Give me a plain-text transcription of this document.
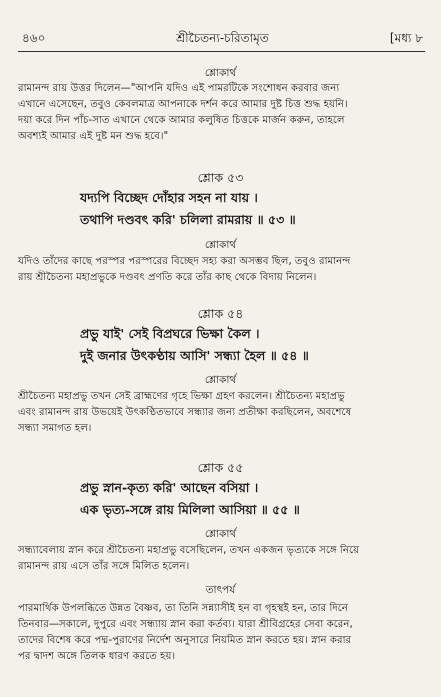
৪৬০	শ্রীচৈতন্য-চরিতামৃত	[মধ্য ৮
শ্লোকার্থ
রামানন্দ রায় উত্তর দিলেন—"আপনি যদিও এই পামরটিকে সংশোধন করবার জন্য
এখানে এসেছেন, তবুও কেবলমাত্র আপনাকে দর্শন করে আমার দুষ্ট চিত্ত শুদ্ধ হয়নি।
দয়া করে দিন পাঁচ-সাত এখানে থেকে আমার কলুষিত চিত্তকে মার্জন করুন, তাহলে
অবশ্যই আমার এই দুষ্ট মন শুদ্ধ হবে।"
শ্লোক ৫৩
যদ্যপি বিচ্ছেদ দোঁহার সহন না যায় ।
তথাপি দণ্ডবৎ করি' চলিলা রামরায় ॥ ৫৩ ॥
শ্লোকার্থ
যদিও তাঁদের কাছে পরস্পর পরস্পরের বিচ্ছেদ সহ্য করা অসম্ভব ছিল, তবুও রামানন্দ
রায় শ্রীচৈতন্য মহাপ্রভুকে দণ্ডবৎ প্রণতি করে তাঁর কাছ থেকে বিদায় নিলেন।
শ্লোক ৫৪
প্রভু যাই' সেই বিপ্রঘরে ভিক্ষা কৈল ।
দুই জনার উৎকণ্ঠায় আসি' সন্ধ্যা হৈল ॥ ৫৪ ॥
শ্লোকার্থ
শ্রীচৈতন্য মহাপ্রভু তখন সেই ব্রাহ্মণের গৃহে ভিক্ষা গ্রহণ করলেন। শ্রীচৈতন্য মহাপ্রভু
এবং রামানন্দ রায় উভয়েই উৎকণ্ঠিতভাবে সন্ধ্যার জন্য প্রতীক্ষা করছিলেন, অবশেষে
সন্ধ্যা সমাগত হল।
শ্লোক ৫৫
প্রভু স্নান-কৃত্য করি' আছেন বসিয়া ।
এক ভৃত্য-সঙ্গে রায় মিলিলা আসিয়া ॥ ৫৫ ॥
শ্লোকার্থ
সন্ধ্যাবেলায় স্নান করে শ্রীচৈতন্য মহাপ্রভু বসেছিলেন, তখন একজন ভৃত্যকে সঙ্গে নিয়ে
রামানন্দ রায় এসে তাঁর সঙ্গে মিলিত হলেন।
তাৎপর্য
পারমার্থিক উপলব্ধিতে উন্নত বৈষ্ণব, তা তিনি সন্ন্যাসীই হন বা গৃহস্থই হন, তার দিনে
তিনবার—সকালে, দুপুরে এবং সন্ধ্যায় স্নান করা কর্তব্য। যারা শ্রীবিগ্রহের সেবা করেন,
তাদের বিশেষ করে পদ্ম-পুরাণের নির্দেশ অনুসারে নিয়মিত স্নান করতে হয়। স্নান করার
পর দ্বাদশ অঙ্গে তিলক ধারণ করতে হয়।
